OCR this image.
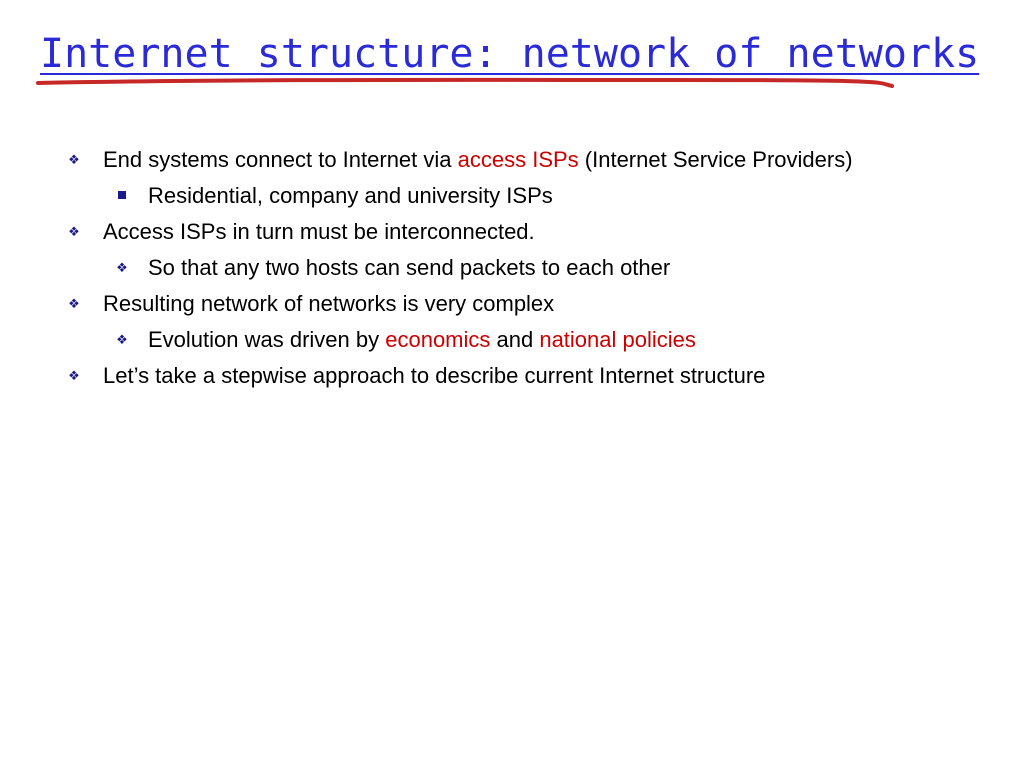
Internet structure: network of networks
❖ End systems connect to Internet via access ISPs (Internet Service Providers)
Residential, company and university ISPs
❖ Access ISPs in turn must be interconnected.
❖ So that any two hosts can send packets to each other
❖ Resulting network of networks is very complex
❖ Evolution was driven by economics and national policies
❖ Let’s take a stepwise approach to describe current Internet structure
